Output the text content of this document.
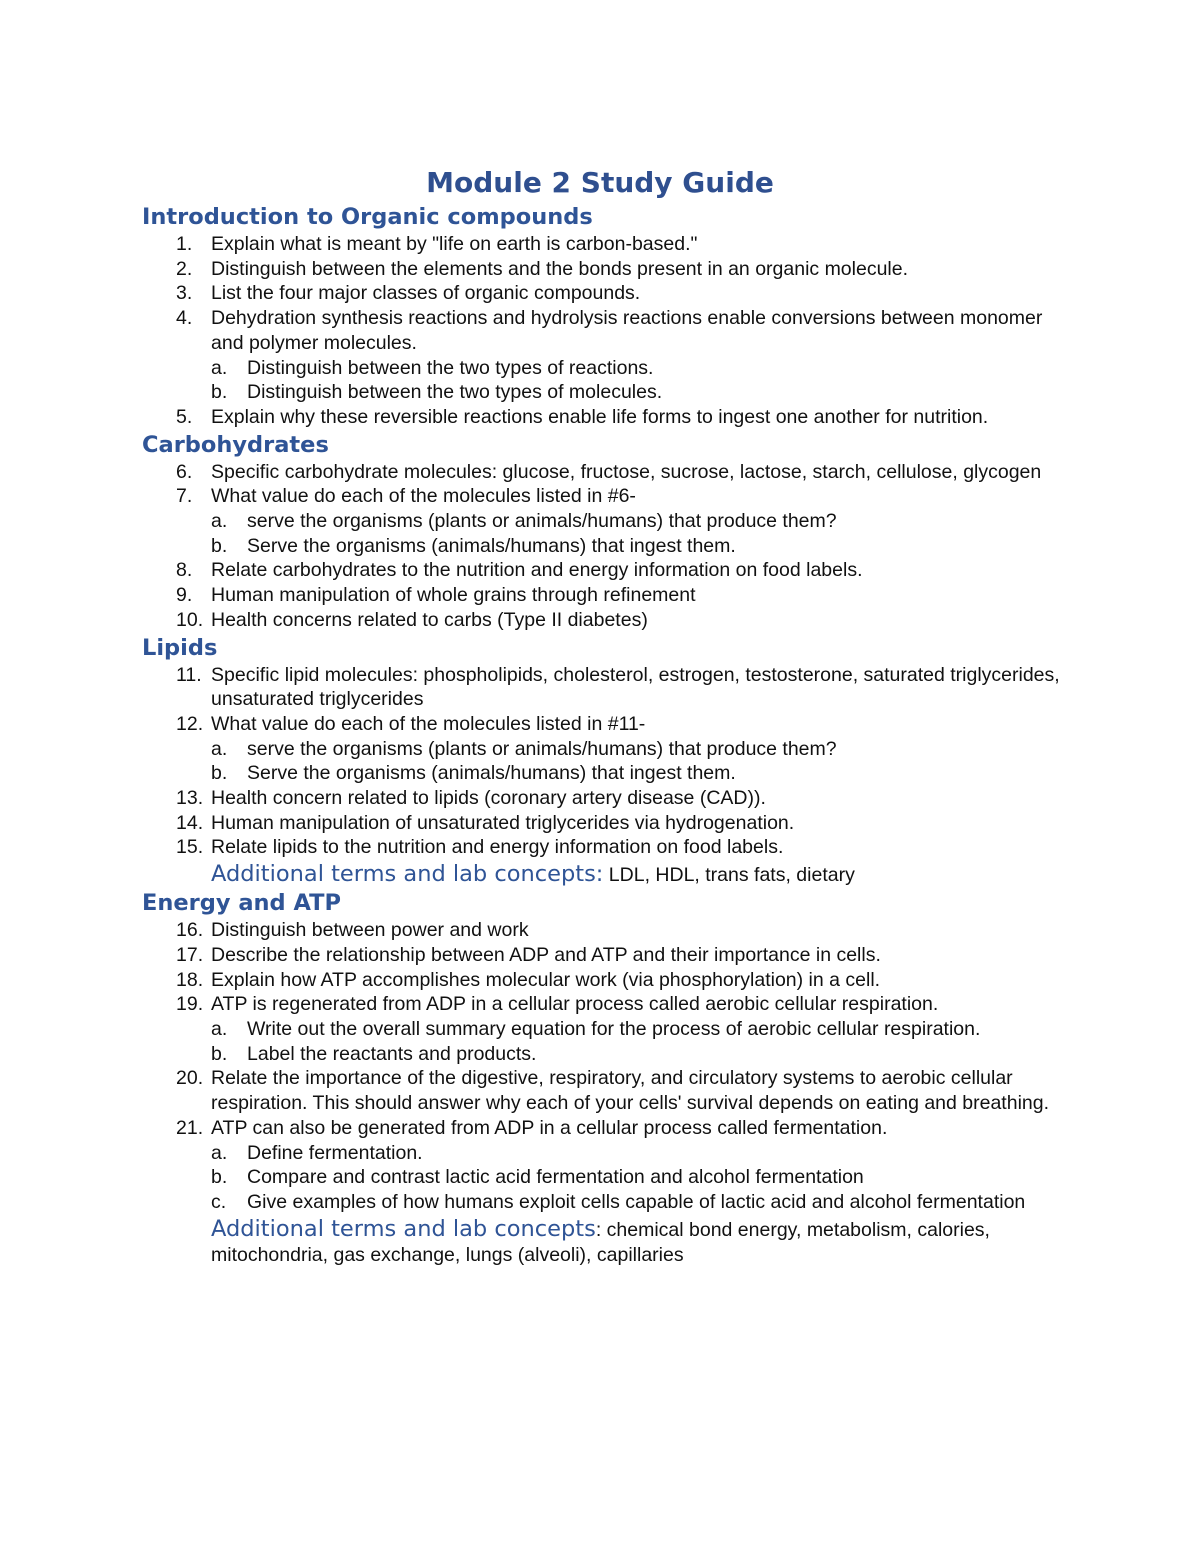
Module 2 Study Guide
Introduction to Organic compounds
1. Explain what is meant by "life on earth is carbon-based."
2. Distinguish between the elements and the bonds present in an organic molecule.
3. List the four major classes of organic compounds.
4. Dehydration synthesis reactions and hydrolysis reactions enable conversions between monomer and polymer molecules.
a. Distinguish between the two types of reactions.
b. Distinguish between the two types of molecules.
5. Explain why these reversible reactions enable life forms to ingest one another for nutrition.
Carbohydrates
6. Specific carbohydrate molecules: glucose, fructose, sucrose, lactose, starch, cellulose, glycogen
7. What value do each of the molecules listed in #6-
a. serve the organisms (plants or animals/humans) that produce them?
b. Serve the organisms (animals/humans) that ingest them.
8. Relate carbohydrates to the nutrition and energy information on food labels.
9. Human manipulation of whole grains through refinement
10. Health concerns related to carbs (Type II diabetes)
Lipids
11. Specific lipid molecules: phospholipids, cholesterol, estrogen, testosterone, saturated triglycerides, unsaturated triglycerides
12. What value do each of the molecules listed in #11-
a. serve the organisms (plants or animals/humans) that produce them?
b. Serve the organisms (animals/humans) that ingest them.
13. Health concern related to lipids (coronary artery disease (CAD)).
14. Human manipulation of unsaturated triglycerides via hydrogenation.
15. Relate lipids to the nutrition and energy information on food labels.
Additional terms and lab concepts: LDL, HDL, trans fats, dietary
Energy and ATP
16. Distinguish between power and work
17. Describe the relationship between ADP and ATP and their importance in cells.
18. Explain how ATP accomplishes molecular work (via phosphorylation) in a cell.
19. ATP is regenerated from ADP in a cellular process called aerobic cellular respiration.
a. Write out the overall summary equation for the process of aerobic cellular respiration.
b. Label the reactants and products.
20. Relate the importance of the digestive, respiratory, and circulatory systems to aerobic cellular respiration. This should answer why each of your cells' survival depends on eating and breathing.
21. ATP can also be generated from ADP in a cellular process called fermentation.
a. Define fermentation.
b. Compare and contrast lactic acid fermentation and alcohol fermentation
c. Give examples of how humans exploit cells capable of lactic acid and alcohol fermentation
Additional terms and lab concepts: chemical bond energy, metabolism, calories, mitochondria, gas exchange, lungs (alveoli), capillaries
